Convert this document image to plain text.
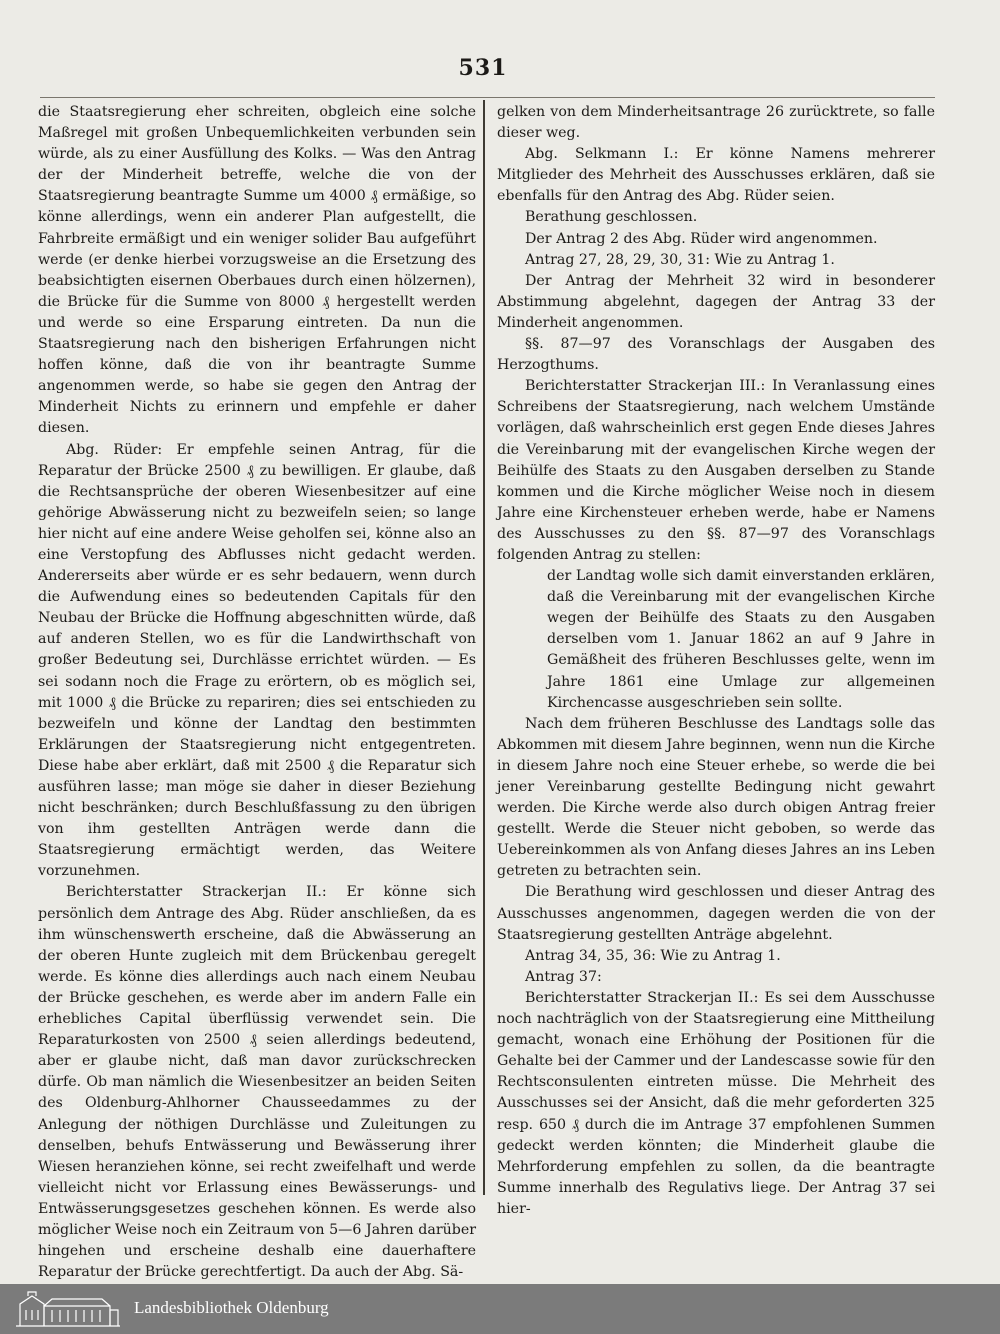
531

die Staatsregierung eher schreiten, obgleich eine solche Maßregel mit großen Unbequemlichkeiten verbunden sein würde, als zu einer Ausfüllung des Kolks. — Was den Antrag der der Minderheit betreffe, welche die von der Staatsregierung beantragte Summe um 4000 ₰ ermäßige, so könne allerdings, wenn ein anderer Plan aufgestellt, die Fahrbreite ermäßigt und ein weniger solider Bau aufgeführt werde (er denke hierbei vorzugsweise an die Ersetzung des beabsichtigten eisernen Oberbaues durch einen hölzernen), die Brücke für die Summe von 8000 ₰ hergestellt werden und werde so eine Ersparung eintreten. Da nun die Staatsregierung nach den bisherigen Erfahrungen nicht hoffen könne, daß die von ihr beantragte Summe angenommen werde, so habe sie gegen den Antrag der Minderheit Nichts zu erinnern und empfehle er daher diesen.

Abg. Rüder: Er empfehle seinen Antrag, für die Reparatur der Brücke 2500 ₰ zu bewilligen. Er glaube, daß die Rechtsansprüche der oberen Wiesenbesitzer auf eine gehörige Abwässerung nicht zu bezweifeln seien; so lange hier nicht auf eine andere Weise geholfen sei, könne also an eine Verstopfung des Abflusses nicht gedacht werden. Andererseits aber würde er es sehr bedauern, wenn durch die Aufwendung eines so bedeutenden Capitals für den Neubau der Brücke die Hoffnung abgeschnitten würde, daß auf anderen Stellen, wo es für die Landwirthschaft von großer Bedeutung sei, Durchlässe errichtet würden. — Es sei sodann noch die Frage zu erörtern, ob es möglich sei, mit 1000 ₰ die Brücke zu repariren; dies sei entschieden zu bezweifeln und könne der Landtag den bestimmten Erklärungen der Staatsregierung nicht entgegentreten. Diese habe aber erklärt, daß mit 2500 ₰ die Reparatur sich ausführen lasse; man möge sie daher in dieser Beziehung nicht beschränken; durch Beschlußfassung zu den übrigen von ihm gestellten Anträgen werde dann die Staatsregierung ermächtigt werden, das Weitere vorzunehmen.

Berichterstatter Strackerjan II.: Er könne sich persönlich dem Antrage des Abg. Rüder anschließen, da es ihm wünschenswerth erscheine, daß die Abwässerung an der oberen Hunte zugleich mit dem Brückenbau geregelt werde. Es könne dies allerdings auch nach einem Neubau der Brücke geschehen, es werde aber im andern Falle ein erhebliches Capital überflüssig verwendet sein. Die Reparaturkosten von 2500 ₰ seien allerdings bedeutend, aber er glaube nicht, daß man davor zurückschrecken dürfe. Ob man nämlich die Wiesenbesitzer an beiden Seiten des Oldenburg-Ahlhorner Chausseedammes zu der Anlegung der nöthigen Durchlässe und Zuleitungen zu denselben, behufs Entwässerung und Bewässerung ihrer Wiesen heranziehen könne, sei recht zweifelhaft und werde vielleicht nicht vor Erlassung eines Bewässerungs- und Entwässerungsgesetzes geschehen können. Es werde also möglicher Weise noch ein Zeitraum von 5—6 Jahren darüber hingehen und erscheine deshalb eine dauerhaftere Reparatur der Brücke gerechtfertigt. Da auch der Abg. Sä-

gelken von dem Minderheitsantrage 26 zurücktrete, so falle dieser weg.

Abg. Selkmann I.: Er könne Namens mehrerer Mitglieder des Mehrheit des Ausschusses erklären, daß sie ebenfalls für den Antrag des Abg. Rüder seien.

Berathung geschlossen.

Der Antrag 2 des Abg. Rüder wird angenommen.

Antrag 27, 28, 29, 30, 31: Wie zu Antrag 1.

Der Antrag der Mehrheit 32 wird in besonderer Abstimmung abgelehnt, dagegen der Antrag 33 der Minderheit angenommen.

§§. 87—97 des Voranschlags der Ausgaben des Herzogthums.

Berichterstatter Strackerjan III.: In Veranlassung eines Schreibens der Staatsregierung, nach welchem Umstände vorlägen, daß wahrscheinlich erst gegen Ende dieses Jahres die Vereinbarung mit der evangelischen Kirche wegen der Beihülfe des Staats zu den Ausgaben derselben zu Stande kommen und die Kirche möglicher Weise noch in diesem Jahre eine Kirchensteuer erheben werde, habe er Namens des Ausschusses zu den §§. 87—97 des Voranschlags folgenden Antrag zu stellen:

der Landtag wolle sich damit einverstanden erklären, daß die Vereinbarung mit der evangelischen Kirche wegen der Beihülfe des Staats zu den Ausgaben derselben vom 1. Januar 1862 an auf 9 Jahre in Gemäßheit des früheren Beschlusses gelte, wenn im Jahre 1861 eine Umlage zur allgemeinen Kirchencasse ausgeschrieben sein sollte.

Nach dem früheren Beschlusse des Landtags solle das Abkommen mit diesem Jahre beginnen, wenn nun die Kirche in diesem Jahre noch eine Steuer erhebe, so werde die bei jener Vereinbarung gestellte Bedingung nicht gewahrt werden. Die Kirche werde also durch obigen Antrag freier gestellt. Werde die Steuer nicht geboben, so werde das Uebereinkommen als von Anfang dieses Jahres an ins Leben getreten zu betrachten sein.

Die Berathung wird geschlossen und dieser Antrag des Ausschusses angenommen, dagegen werden die von der Staatsregierung gestellten Anträge abgelehnt.

Antrag 34, 35, 36: Wie zu Antrag 1.

Antrag 37:

Berichterstatter Strackerjan II.: Es sei dem Ausschusse noch nachträglich von der Staatsregierung eine Mittheilung gemacht, wonach eine Erhöhung der Positionen für die Gehalte bei der Cammer und der Landescasse sowie für den Rechtsconsulenten eintreten müsse. Die Mehrheit des Ausschusses sei der Ansicht, daß die mehr geforderten 325 resp. 650 ₰ durch die im Antrage 37 empfohlenen Summen gedeckt werden könnten; die Minderheit glaube die Mehrforderung empfehlen zu sollen, da die beantragte Summe innerhalb des Regulativs liege. Der Antrag 37 sei hier-

Landesbibliothek Oldenburg
